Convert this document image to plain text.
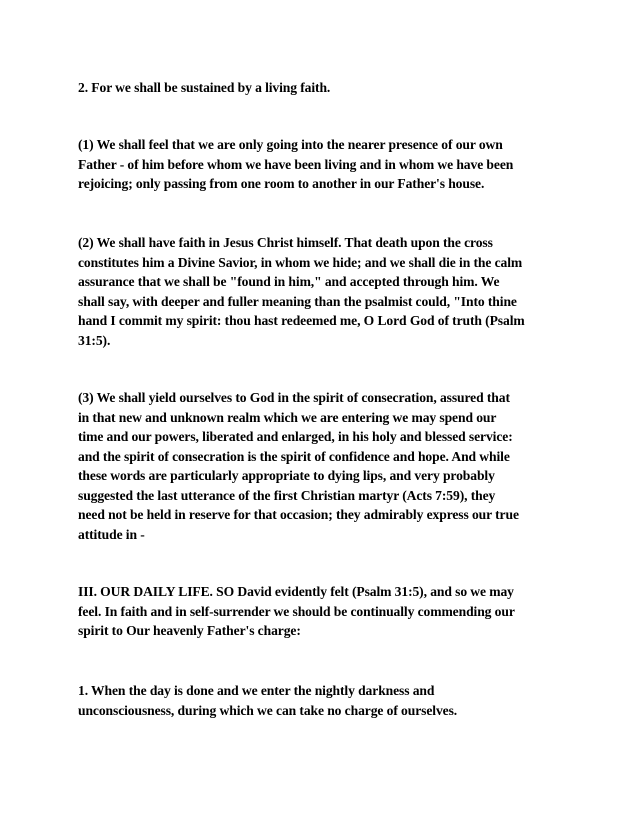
2. For we shall be sustained by a living faith.

(1) We shall feel that we are only going into the nearer presence of our own
Father - of him before whom we have been living and in whom we have been
rejoicing; only passing from one room to another in our Father's house.

(2) We shall have faith in Jesus Christ himself. That death upon the cross
constitutes him a Divine Savior, in whom we hide; and we shall die in the calm
assurance that we shall be "found in him," and accepted through him. We
shall say, with deeper and fuller meaning than the psalmist could, "Into thine
hand I commit my spirit: thou hast redeemed me, O Lord God of truth (Psalm
31:5).

(3) We shall yield ourselves to God in the spirit of consecration, assured that
in that new and unknown realm which we are entering we may spend our
time and our powers, liberated and enlarged, in his holy and blessed service:
and the spirit of consecration is the spirit of confidence and hope. And while
these words are particularly appropriate to dying lips, and very probably
suggested the last utterance of the first Christian martyr (Acts 7:59), they
need not be held in reserve for that occasion; they admirably express our true
attitude in -

III. OUR DAILY LIFE. SO David evidently felt (Psalm 31:5), and so we may
feel. In faith and in self-surrender we should be continually commending our
spirit to Our heavenly Father's charge:

1. When the day is done and we enter the nightly darkness and
unconsciousness, during which we can take no charge of ourselves.
